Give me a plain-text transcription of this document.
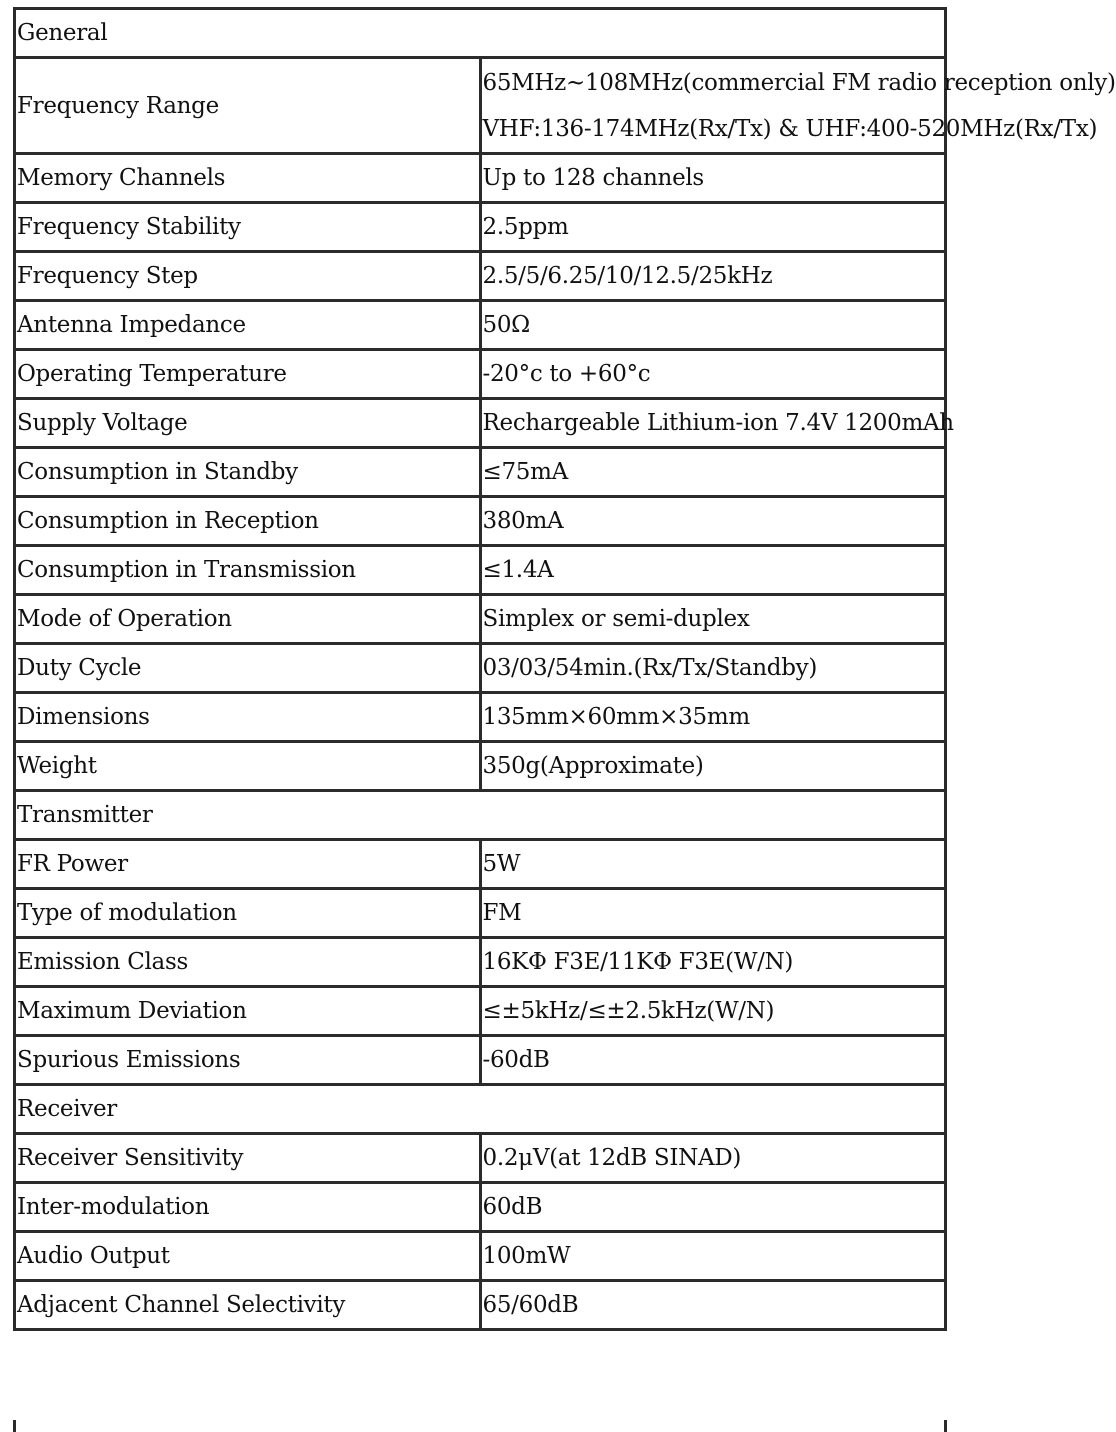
General	
Frequency Range	65MHz~108MHz(commercial FM radio reception only)
VHF:136-174MHz(Rx/Tx) & UHF:400-520MHz(Rx/Tx)

Memory Channels	Up to 128 channels
Frequency Stability	2.5ppm
Frequency Step	2.5/5/6.25/10/12.5/25kHz
Antenna Impedance	50Ω
Operating Temperature	-20°c to +60°c
Supply Voltage	Rechargeable Lithium-ion 7.4V 1200mAh
Consumption in Standby	≤75mA
Consumption in Reception	380mA
Consumption in Transmission	≤1.4A
Mode of Operation	Simplex or semi-duplex
Duty Cycle	03/03/54min.(Rx/Tx/Standby)
Dimensions	135mm×60mm×35mm
Weight	350g(Approximate)
Transmitter	
FR Power	5W
Type of modulation	FM
Emission Class	16KΦ F3E/11KΦ F3E(W/N)
Maximum Deviation	≤±5kHz/≤±2.5kHz(W/N)
Spurious Emissions	-60dB
Receiver	
Receiver Sensitivity	0.2μV(at 12dB SINAD)
Inter-modulation	60dB
Audio Output	100mW
Adjacent Channel Selectivity	65/60dB
